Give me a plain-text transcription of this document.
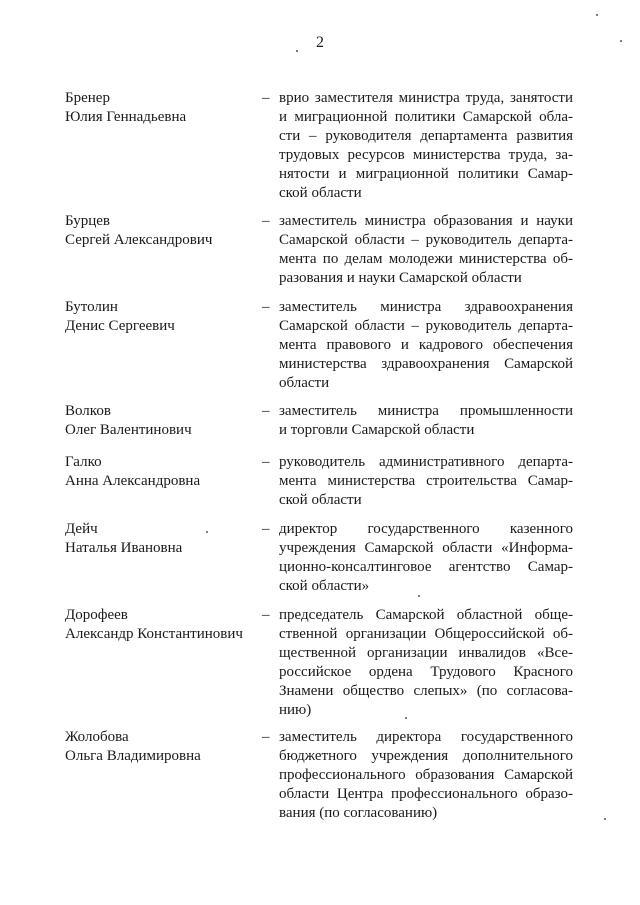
2
Бренер
Юлия Геннадьевна
– врио заместителя министра труда, занятости
и миграционной политики Самарской обла-
сти – руководителя департамента развития
трудовых ресурсов министерства труда, за-
нятости и миграционной политики Самар-
ской области
Бурцев
Сергей Александрович
– заместитель министра образования и науки
Самарской области – руководитель департа-
мента по делам молодежи министерства об-
разования и науки Самарской области
Бутолин
Денис Сергеевич
– заместитель министра здравоохранения
Самарской области – руководитель департа-
мента правового и кадрового обеспечения
министерства здравоохранения Самарской
области
Волков
Олег Валентинович
– заместитель министра промышленности
и торговли Самарской области
Галко
Анна Александровна
– руководитель административного департа-
мента министерства строительства Самар-
ской области
Дейч
Наталья Ивановна
– директор государственного казенного
учреждения Самарской области «Информа-
ционно-консалтинговое агентство Самар-
ской области»
Дорофеев
Александр Константинович
– председатель Самарской областной обще-
ственной организации Общероссийской об-
щественной организации инвалидов «Все-
российское ордена Трудового Красного
Знамени общество слепых» (по согласова-
нию)
Жолобова
Ольга Владимировна
– заместитель директора государственного
бюджетного учреждения дополнительного
профессионального образования Самарской
области Центра профессионального образо-
вания (по согласованию)
